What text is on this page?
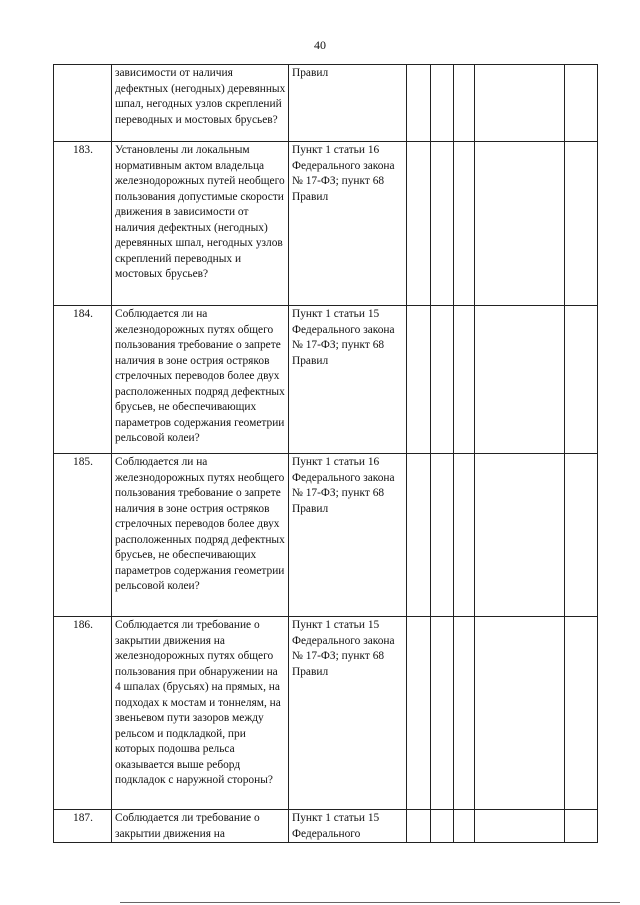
40
	зависимости от наличия дефектных (негодных) деревянных шпал, негодных узлов скреплений переводных и мостовых брусьев?	Правил					
183.	Установлены ли локальным нормативным актом владельца железнодорожных путей необщего пользования допустимые скорости движения в зависимости от наличия дефектных (негодных) деревянных шпал, негодных узлов скреплений переводных и мостовых брусьев?	Пункт 1 статьи 16 Федерального закона № 17-ФЗ; пункт 68 Правил					
184.	Соблюдается ли на железнодорожных путях общего пользования требование о запрете наличия в зоне острия остряков стрелочных переводов более двух расположенных подряд дефектных брусьев, не обеспечивающих параметров содержания геометрии рельсовой колеи?	Пункт 1 статьи 15 Федерального закона № 17-ФЗ; пункт 68 Правил					
185.	Соблюдается ли на железнодорожных путях необщего пользования требование о запрете наличия в зоне острия остряков стрелочных переводов более двух расположенных подряд дефектных брусьев, не обеспечивающих параметров содержания геометрии рельсовой колеи?	Пункт 1 статьи 16 Федерального закона № 17-ФЗ; пункт 68 Правил					
186.	Соблюдается ли требование о закрытии движения на железнодорожных путях общего пользования при обнаружении на 4 шпалах (брусьях) на прямых, на подходах к мостам и тоннелям, на звеньевом пути зазоров между рельсом и подкладкой, при которых подошва рельса оказывается выше реборд подкладок с наружной стороны?	Пункт 1 статьи 15 Федерального закона № 17-ФЗ; пункт 68 Правил					
187.	Соблюдается ли требование о закрытии движения на	Пункт 1 статьи 15 Федерального					
